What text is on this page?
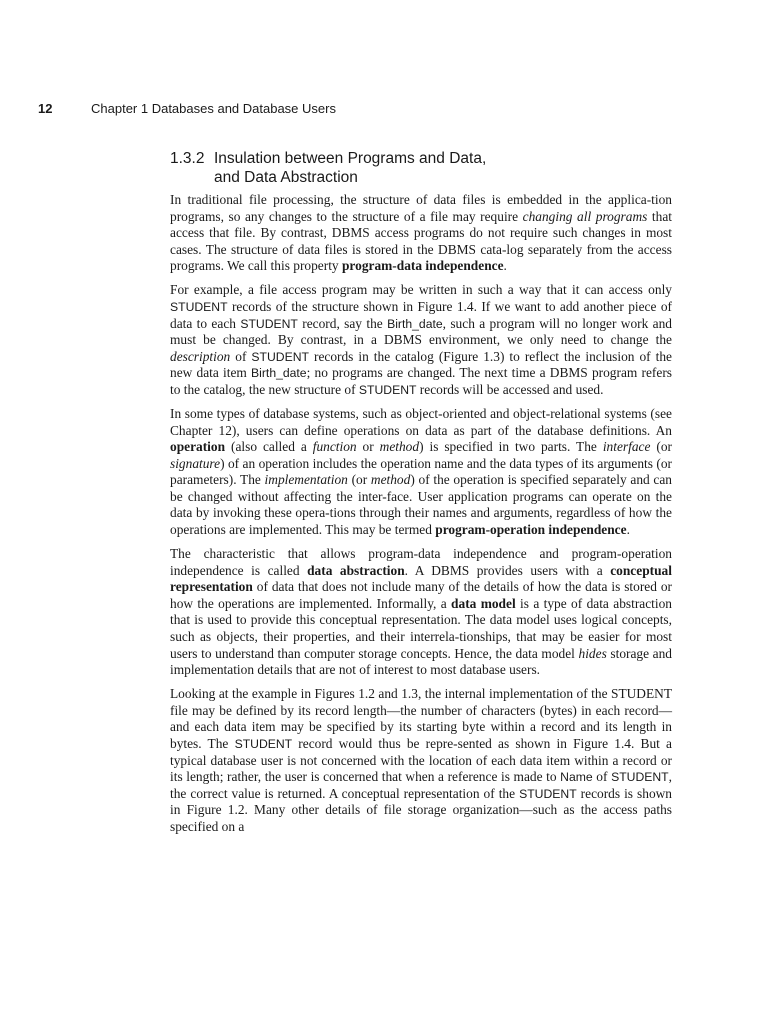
12	Chapter 1 Databases and Database Users
1.3.2 Insulation between Programs and Data,
and Data Abstraction

In traditional file processing, the structure of data files is embedded in the applica-tion programs, so any changes to the structure of a file may require changing all programs that access that file. By contrast, DBMS access programs do not require such changes in most cases. The structure of data files is stored in the DBMS cata-log separately from the access programs. We call this property program-data independence.

For example, a file access program may be written in such a way that it can access only STUDENT records of the structure shown in Figure 1.4. If we want to add another piece of data to each STUDENT record, say the Birth_date, such a program will no longer work and must be changed. By contrast, in a DBMS environment, we only need to change the description of STUDENT records in the catalog (Figure 1.3) to reflect the inclusion of the new data item Birth_date; no programs are changed. The next time a DBMS program refers to the catalog, the new structure of STUDENT records will be accessed and used.

In some types of database systems, such as object-oriented and object-relational systems (see Chapter 12), users can define operations on data as part of the database definitions. An operation (also called a function or method) is specified in two parts. The interface (or signature) of an operation includes the operation name and the data types of its arguments (or parameters). The implementation (or method) of the operation is specified separately and can be changed without affecting the inter-face. User application programs can operate on the data by invoking these opera-tions through their names and arguments, regardless of how the operations are implemented. This may be termed program-operation independence.

The characteristic that allows program-data independence and program-operation independence is called data abstraction. A DBMS provides users with a conceptual representation of data that does not include many of the details of how the data is stored or how the operations are implemented. Informally, a data model is a type of data abstraction that is used to provide this conceptual representation. The data model uses logical concepts, such as objects, their properties, and their interrela-tionships, that may be easier for most users to understand than computer storage concepts. Hence, the data model hides storage and implementation details that are not of interest to most database users.

Looking at the example in Figures 1.2 and 1.3, the internal implementation of the STUDENT file may be defined by its record length—the number of characters (bytes) in each record—and each data item may be specified by its starting byte within a record and its length in bytes. The STUDENT record would thus be repre-sented as shown in Figure 1.4. But a typical database user is not concerned with the location of each data item within a record or its length; rather, the user is concerned that when a reference is made to Name of STUDENT, the correct value is returned. A conceptual representation of the STUDENT records is shown in Figure 1.2. Many other details of file storage organization—such as the access paths specified on a
